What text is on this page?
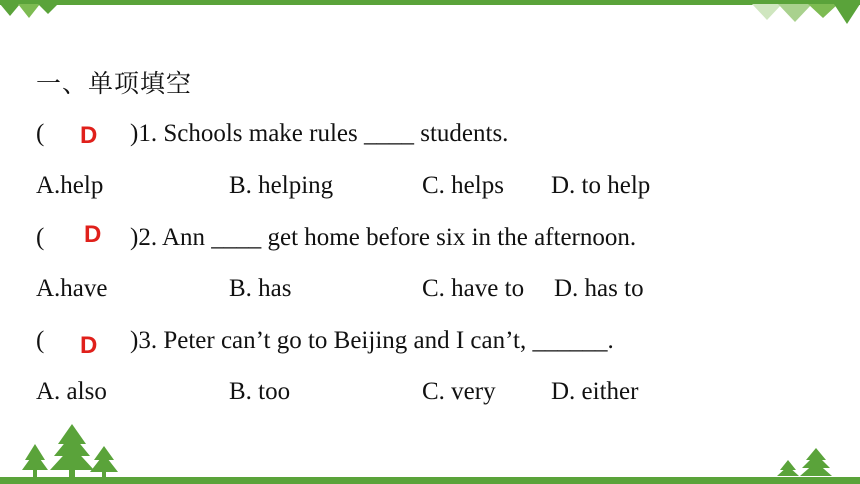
一、单项填空
( D )1. Schools make rules ____ students.
A.help	B. helping	C. helps D. to help
( D )2. Ann ____ get home before six in the afternoon.
A.have	B. has	C. have to D. has to
( D )3. Peter can’t go to Beijing and I can’t, ______.
A. also	B. too	C. very D. either
